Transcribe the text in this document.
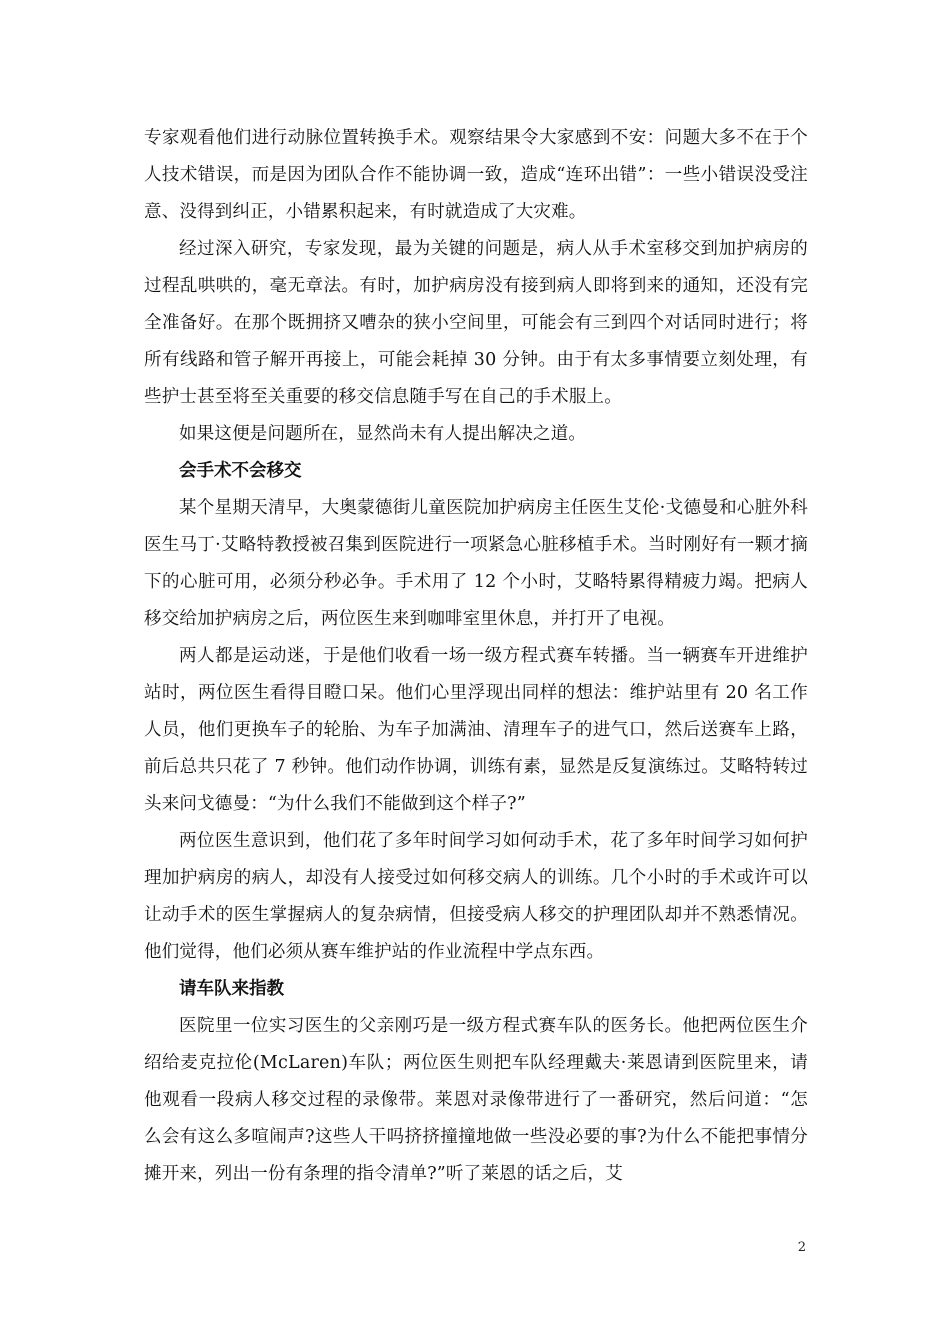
专家观看他们进行动脉位置转换手术。观察结果令大家感到不安：问题大多不在于个人技术错误，而是因为团队合作不能协调一致，造成“连环出错”：一些小错误没受注意、没得到纠正，小错累积起来，有时就造成了大灾难。

经过深入研究，专家发现，最为关键的问题是，病人从手术室移交到加护病房的过程乱哄哄的，毫无章法。有时，加护病房没有接到病人即将到来的通知，还没有完全准备好。在那个既拥挤又嘈杂的狭小空间里，可能会有三到四个对话同时进行；将所有线路和管子解开再接上，可能会耗掉 30 分钟。由于有太多事情要立刻处理，有些护士甚至将至关重要的移交信息随手写在自己的手术服上。

如果这便是问题所在，显然尚未有人提出解决之道。

会手术不会移交

某个星期天清早，大奥蒙德街儿童医院加护病房主任医生艾伦·戈德曼和心脏外科医生马丁·艾略特教授被召集到医院进行一项紧急心脏移植手术。当时刚好有一颗才摘下的心脏可用，必须分秒必争。手术用了 12 个小时，艾略特累得精疲力竭。把病人移交给加护病房之后，两位医生来到咖啡室里休息，并打开了电视。

两人都是运动迷，于是他们收看一场一级方程式赛车转播。当一辆赛车开进维护站时，两位医生看得目瞪口呆。他们心里浮现出同样的想法：维护站里有 20 名工作人员，他们更换车子的轮胎、为车子加满油、清理车子的进气口，然后送赛车上路，前后总共只花了 7 秒钟。他们动作协调，训练有素，显然是反复演练过。艾略特转过头来问戈德曼：“为什么我们不能做到这个样子?”

两位医生意识到，他们花了多年时间学习如何动手术，花了多年时间学习如何护理加护病房的病人，却没有人接受过如何移交病人的训练。几个小时的手术或许可以让动手术的医生掌握病人的复杂病情，但接受病人移交的护理团队却并不熟悉情况。他们觉得，他们必须从赛车维护站的作业流程中学点东西。

请车队来指教

医院里一位实习医生的父亲刚巧是一级方程式赛车队的医务长。他把两位医生介绍给麦克拉伦(McLaren)车队；两位医生则把车队经理戴夫·莱恩请到医院里来，请他观看一段病人移交过程的录像带。莱恩对录像带进行了一番研究，然后问道：“怎么会有这么多喧闹声?这些人干吗挤挤撞撞地做一些没必要的事?为什么不能把事情分摊开来，列出一份有条理的指令清单?”听了莱恩的话之后，艾

2
